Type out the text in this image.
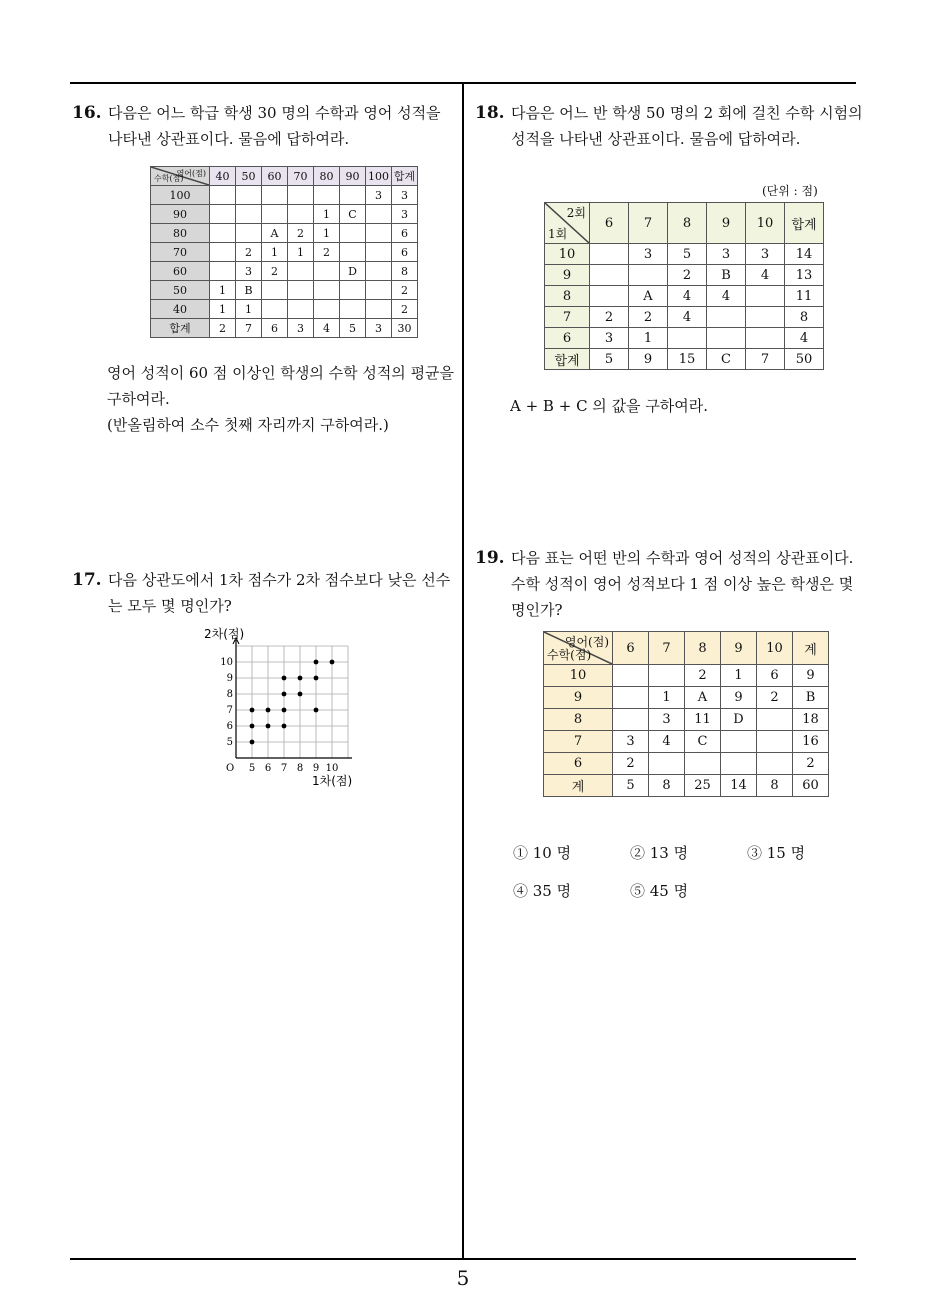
16. 다음은 어느 학급 학생 30 명의 수학과 영어 성적을
나타낸 상관표이다. 물음에 답하여라.
영어(점)
수학(점)	40	50	60	70	80	90	100	합계
100							3	3
90					1	C		3
80			A	2	1			6
70		2	1	1	2			6
60		3	2			D		8
50	1	B						2
40	1	1						2
합계	2	7	6	3	4	5	3	30
영어 성적이 60 점 이상인 학생의 수학 성적의 평균을
구하여라.
(반올림하여 소수 첫째 자리까지 구하여라.)
17. 다음 상관도에서 1차 점수가 2차 점수보다 낮은 선수
는 모두 몇 명인가?
5 6 7 8 9 10
5
6
7
8
9
10
O
2차(점)
1차(점)
18. 다음은 어느 반 학생 50 명의 2 회에 걸친 수학 시험의
성적을 나타낸 상관표이다. 물음에 답하여라.
(단위 : 점)
2회
1회	6	7	8	9	10	합계
10		3	5	3	3	14
9			2	B	4	13
8		A	4	4		11
7	2	2	4			8
6	3	1				4
합계	5	9	15	C	7	50
A + B + C 의 값을 구하여라.
19. 다음 표는 어떤 반의 수학과 영어 성적의 상관표이다.
수학 성적이 영어 성적보다 1 점 이상 높은 학생은 몇
명인가?
영어(점)
수학(점)	6	7	8	9	10	계
10			2	1	6	9
9		1	A	9	2	B
8		3	11	D		18
7	3	4	C			16
6	2					2
계	5	8	25	14	8	60
① 10 명	② 13 명	③ 15 명
④ 35 명	⑤ 45 명
5
